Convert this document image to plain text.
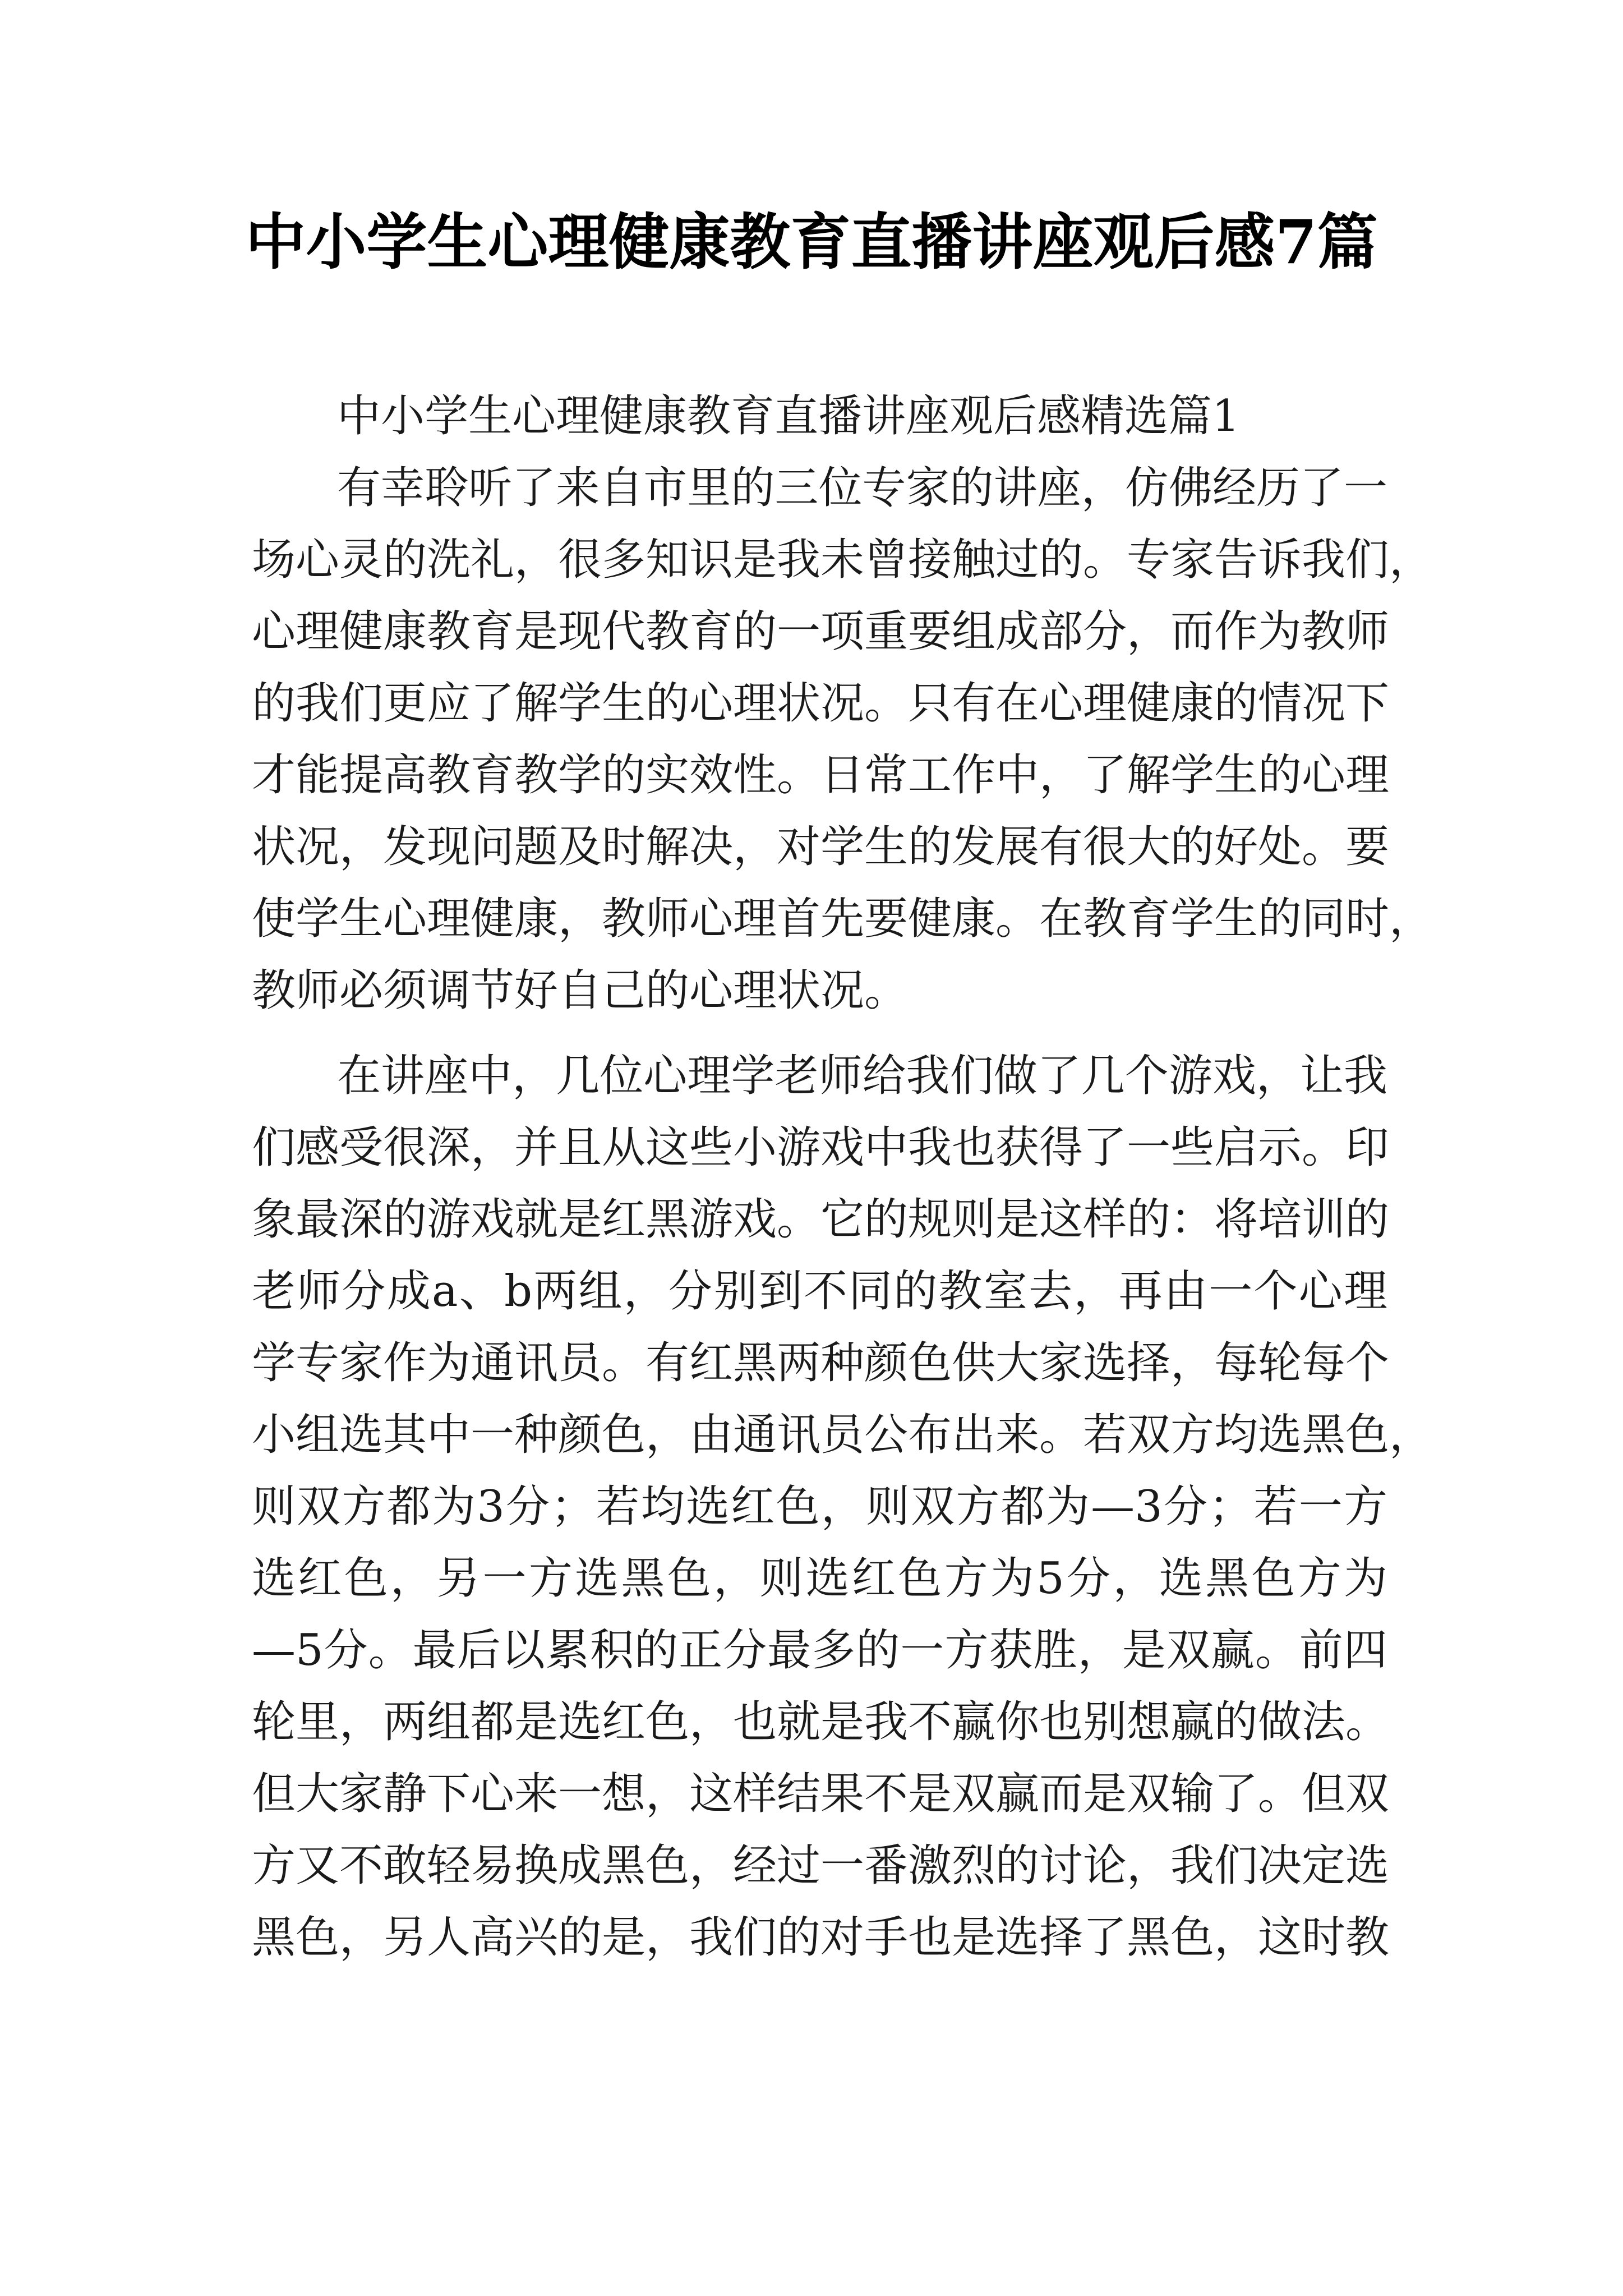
中小学生心理健康教育直播讲座观后感7篇
中小学生心理健康教育直播讲座观后感精选篇1
有幸聆听了来自市里的三位专家的讲座，仿佛经历了一
场心灵的洗礼，很多知识是我未曾接触过的。专家告诉我们，
心理健康教育是现代教育的一项重要组成部分，而作为教师
的我们更应了解学生的心理状况。只有在心理健康的情况下
才能提高教育教学的实效性。日常工作中，了解学生的心理
状况，发现问题及时解决，对学生的发展有很大的好处。要
使学生心理健康，教师心理首先要健康。在教育学生的同时，
教师必须调节好自己的心理状况。
在讲座中，几位心理学老师给我们做了几个游戏，让我
们感受很深，并且从这些小游戏中我也获得了一些启示。印
象最深的游戏就是红黑游戏。它的规则是这样的：将培训的
老师分成a、b两组，分别到不同的教室去，再由一个心理
学专家作为通讯员。有红黑两种颜色供大家选择，每轮每个
小组选其中一种颜色，由通讯员公布出来。若双方均选黑色，
则双方都为3分；若均选红色，则双方都为—3分；若一方
选红色，另一方选黑色，则选红色方为5分，选黑色方为
—5分。最后以累积的正分最多的一方获胜，是双赢。前四
轮里，两组都是选红色，也就是我不赢你也别想赢的做法。
但大家静下心来一想，这样结果不是双赢而是双输了。但双
方又不敢轻易换成黑色，经过一番激烈的讨论，我们决定选
黑色，另人高兴的是，我们的对手也是选择了黑色，这时教
